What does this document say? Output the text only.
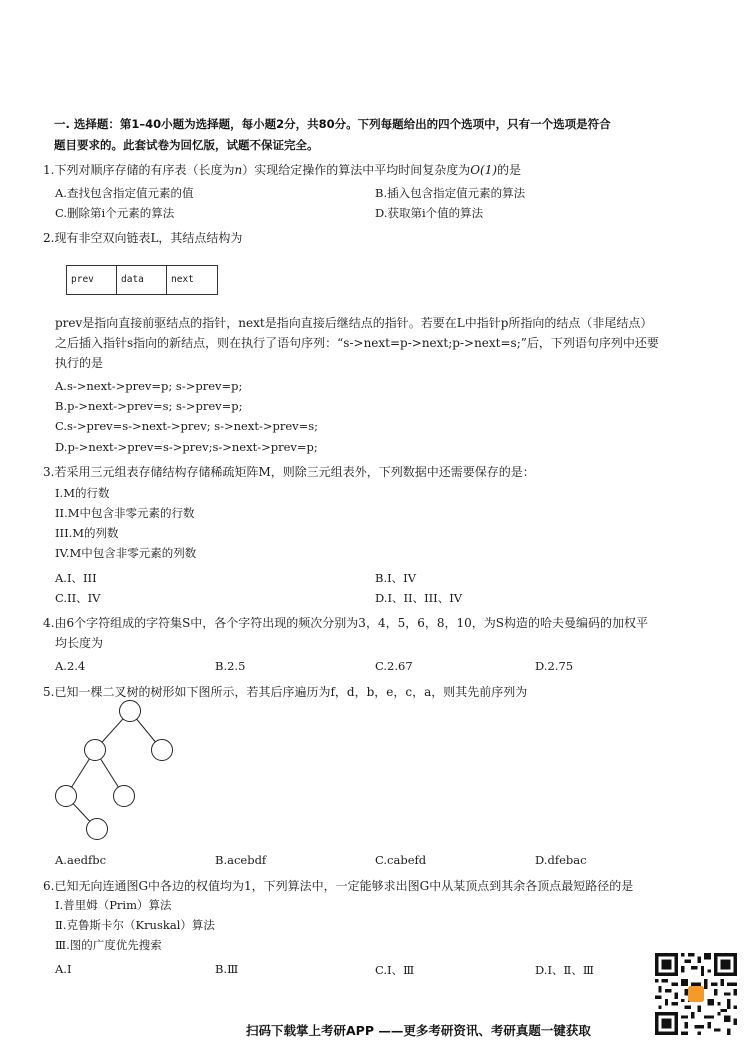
一. 选择题：第1–40小题为选择题，每小题2分，共80分。下列每题给出的四个选项中，只有一个选项是符合
题目要求的。此套试卷为回忆版，试题不保证完全。
1.下列对顺序存储的有序表（长度为n）实现给定操作的算法中平均时间复杂度为O(1)的是
A.查找包含指定值元素的值	B.插入包含指定值元素的算法
C.删除第i个元素的算法	D.获取第i个值的算法
2.现有非空双向链表L，其结点结构为
prev	data	next
prev是指向直接前驱结点的指针，next是指向直接后继结点的指针。若要在L中指针p所指向的结点（非尾结点）
之后插入指针s指向的新结点，则在执行了语句序列：“s->next=p->next;p->next=s;”后，下列语句序列中还要
执行的是
A.s->next->prev=p; s->prev=p;
B.p->next->prev=s; s->prev=p;
C.s->prev=s->next->prev; s->next->prev=s;
D.p->next->prev=s->prev;s->next->prev=p;
3.若采用三元组表存储结构存储稀疏矩阵M，则除三元组表外，下列数据中还需要保存的是：
I.M的行数
II.M中包含非零元素的行数
III.M的列数
IV.M中包含非零元素的列数
A.I、III	B.I、IV
C.II、IV	D.I、II、III、IV
4.由6个字符组成的字符集S中，各个字符出现的频次分别为3，4，5，6，8，10，为S构造的哈夫曼编码的加权平
均长度为
A.2.4	B.2.5	C.2.67	D.2.75
5.已知一棵二叉树的树形如下图所示，若其后序遍历为f，d，b，e，c，a，则其先前序列为
A.aedfbc	B.acebdf	C.cabefd	D.dfebac
6.已知无向连通图G中各边的权值均为1，下列算法中，一定能够求出图G中从某顶点到其余各顶点最短路径的是
Ⅰ.普里姆（Prim）算法
Ⅱ.克鲁斯卡尔（Kruskal）算法
Ⅲ.图的广度优先搜索
A.Ⅰ	B.Ⅲ	C.Ⅰ、Ⅲ	D.Ⅰ、Ⅱ、Ⅲ
扫码下载掌上考研APP ——更多考研资讯、考研真题一键获取
